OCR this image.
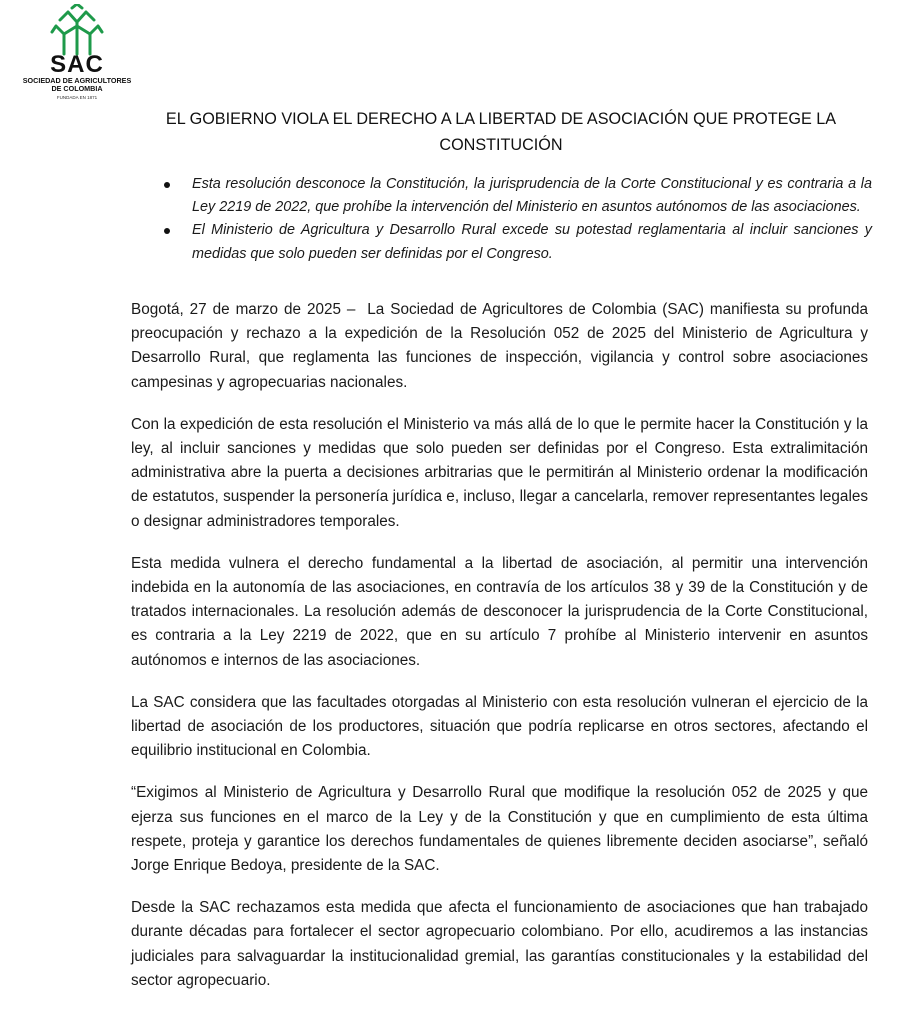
SAC
SOCIEDAD DE AGRICULTORES
DE COLOMBIA
FUNDADA EN 1871
EL GOBIERNO VIOLA EL DERECHO A LA LIBERTAD DE ASOCIACIÓN QUE PROTEGE LA CONSTITUCIÓN
Esta resolución desconoce la Constitución, la jurisprudencia de la Corte Constitucional y es contraria a la Ley 2219 de 2022, que prohíbe la intervención del Ministerio en asuntos autónomos de las asociaciones.
El Ministerio de Agricultura y Desarrollo Rural excede su potestad reglamentaria al incluir sanciones y medidas que solo pueden ser definidas por el Congreso.

Bogotá, 27 de marzo de 2025 – La Sociedad de Agricultores de Colombia (SAC) manifiesta su profunda preocupación y rechazo a la expedición de la Resolución 052 de 2025 del Ministerio de Agricultura y Desarrollo Rural, que reglamenta las funciones de inspección, vigilancia y control sobre asociaciones campesinas y agropecuarias nacionales.

Con la expedición de esta resolución el Ministerio va más allá de lo que le permite hacer la Constitución y la ley, al incluir sanciones y medidas que solo pueden ser definidas por el Congreso. Esta extralimitación administrativa abre la puerta a decisiones arbitrarias que le permitirán al Ministerio ordenar la modificación de estatutos, suspender la personería jurídica e, incluso, llegar a cancelarla, remover representantes legales o designar administradores temporales.

Esta medida vulnera el derecho fundamental a la libertad de asociación, al permitir una intervención indebida en la autonomía de las asociaciones, en contravía de los artículos 38 y 39 de la Constitución y de tratados internacionales. La resolución además de desconocer la jurisprudencia de la Corte Constitucional, es contraria a la Ley 2219 de 2022, que en su artículo 7 prohíbe al Ministerio intervenir en asuntos autónomos e internos de las asociaciones.

La SAC considera que las facultades otorgadas al Ministerio con esta resolución vulneran el ejercicio de la libertad de asociación de los productores, situación que podría replicarse en otros sectores, afectando el equilibrio institucional en Colombia.

“Exigimos al Ministerio de Agricultura y Desarrollo Rural que modifique la resolución 052 de 2025 y que ejerza sus funciones en el marco de la Ley y de la Constitución y que en cumplimiento de esta última respete, proteja y garantice los derechos fundamentales de quienes libremente deciden asociarse”, señaló Jorge Enrique Bedoya, presidente de la SAC.

Desde la SAC rechazamos esta medida que afecta el funcionamiento de asociaciones que han trabajado durante décadas para fortalecer el sector agropecuario colombiano. Por ello, acudiremos a las instancias judiciales para salvaguardar la institucionalidad gremial, las garantías constitucionales y la estabilidad del sector agropecuario.
